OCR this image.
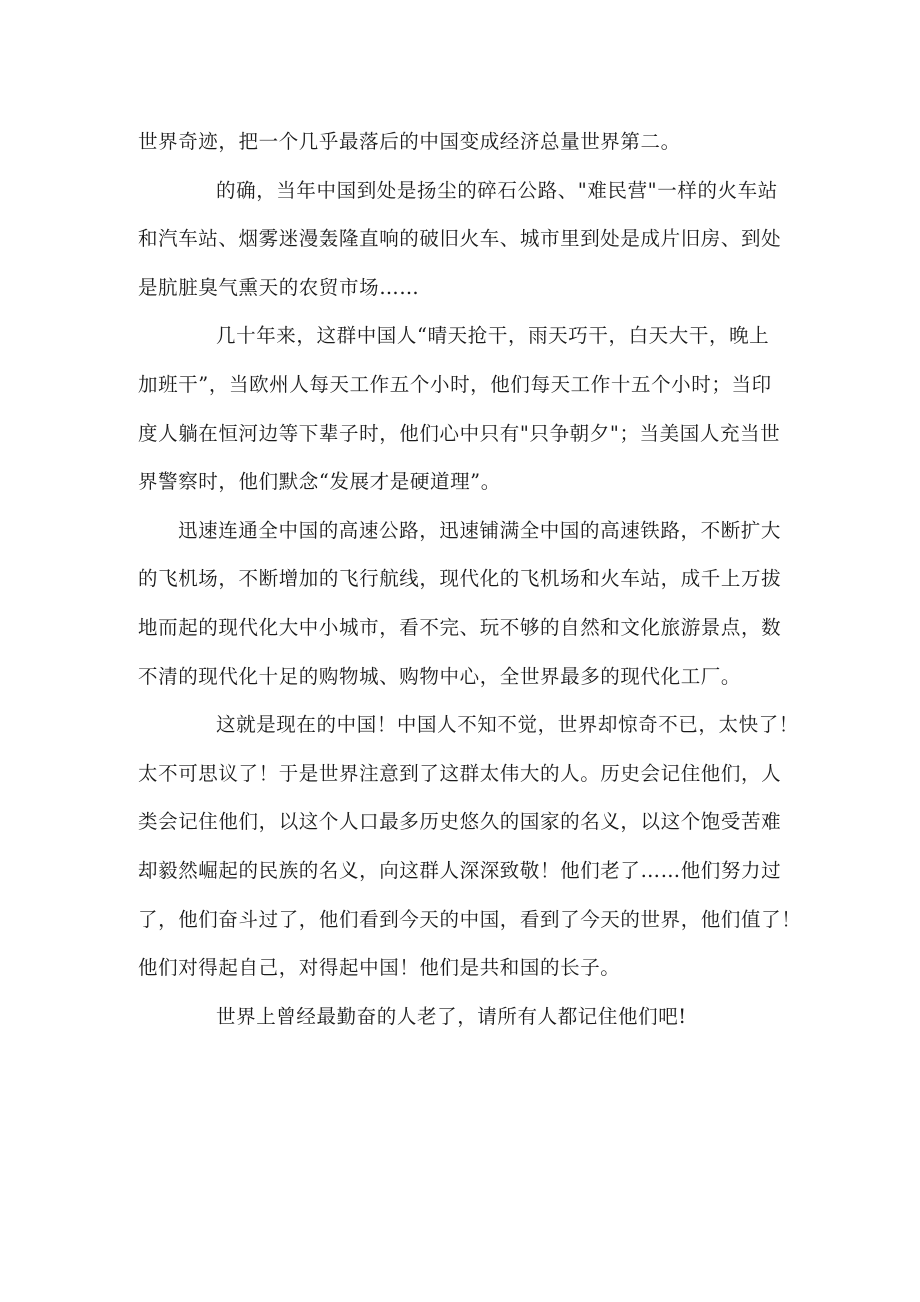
世界奇迹，把一个几乎最落后的中国变成经济总量世界第二。
的确，当年中国到处是扬尘的碎石公路、"难民营"一样的火车站
和汽车站、烟雾迷漫轰隆直响的破旧火车、城市里到处是成片旧房、到处
是肮脏臭气熏天的农贸市场……
几十年来，这群中国人“晴天抢干，雨天巧干，白天大干，晚上
加班干”，当欧州人每天工作五个小时，他们每天工作十五个小时；当印
度人躺在恒河边等下辈子时，他们心中只有"只争朝夕"；当美国人充当世
界警察时，他们默念“发展才是硬道理”。
迅速连通全中国的高速公路，迅速铺满全中国的高速铁路，不断扩大
的飞机场，不断增加的飞行航线，现代化的飞机场和火车站，成千上万拔
地而起的现代化大中小城市，看不完、玩不够的自然和文化旅游景点，数
不清的现代化十足的购物城、购物中心，全世界最多的现代化工厂。
这就是现在的中国！中国人不知不觉，世界却惊奇不已，太快了！
太不可思议了！于是世界注意到了这群太伟大的人。历史会记住他们，人
类会记住他们，以这个人口最多历史悠久的国家的名义，以这个饱受苦难
却毅然崛起的民族的名义，向这群人深深致敬！他们老了……他们努力过
了，他们奋斗过了，他们看到今天的中国，看到了今天的世界，他们值了！
他们对得起自己，对得起中国！他们是共和国的长子。
世界上曾经最勤奋的人老了，请所有人都记住他们吧!
